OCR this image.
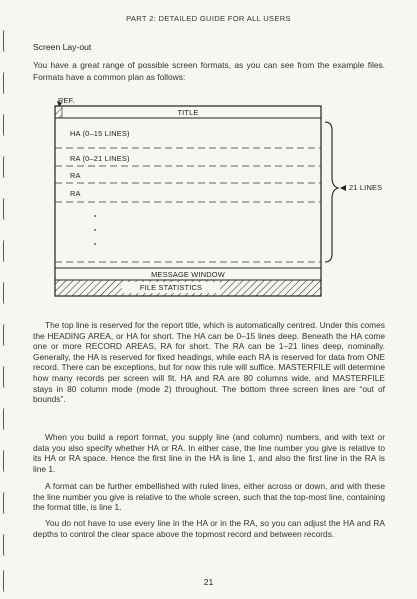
PART 2: DETAILED GUIDE FOR ALL USERS
Screen Lay-out
You have a great range of possible screen formats, as you can see from the example files. Formats have a common plan as follows:
REF.
TITLE
HA (0–15 LINES)
RA (0–21 LINES)
RA
RA
21 LINES
MESSAGE WINDOW
FILE STATISTICS

The top line is reserved for the report title, which is automatically centred. Under this comes the HEADING AREA, or HA for short. The HA can be 0–15 lines deep. Beneath the HA come one or more RECORD AREAS, RA for short. The RA can be 1–21 lines deep, nominally. Generally, the HA is reserved for fixed headings, while each RA is reserved for data from ONE record. There can be exceptions, but for now this rule will suffice. MASTERFILE will determine how many records per screen will fit. HA and RA are 80 columns wide, and MASTERFILE stays in 80 column mode (mode 2) throughout. The bottom three screen lines are “out of bounds”.

When you build a report format, you supply line (and column) numbers, and with text or data you also specify whether HA or RA. In either case, the line number you give is relative to its HA or RA space. Hence the first line in the HA is line 1, and also the first line in the RA is line 1.

A format can be further embellished with ruled lines, either across or down, and with these the line number you give is relative to the whole screen, such that the top-most line, containing the format title, is line 1.

You do not have to use every line in the HA or in the RA, so you can adjust the HA and RA depths to control the clear space above the topmost record and between records.

21
